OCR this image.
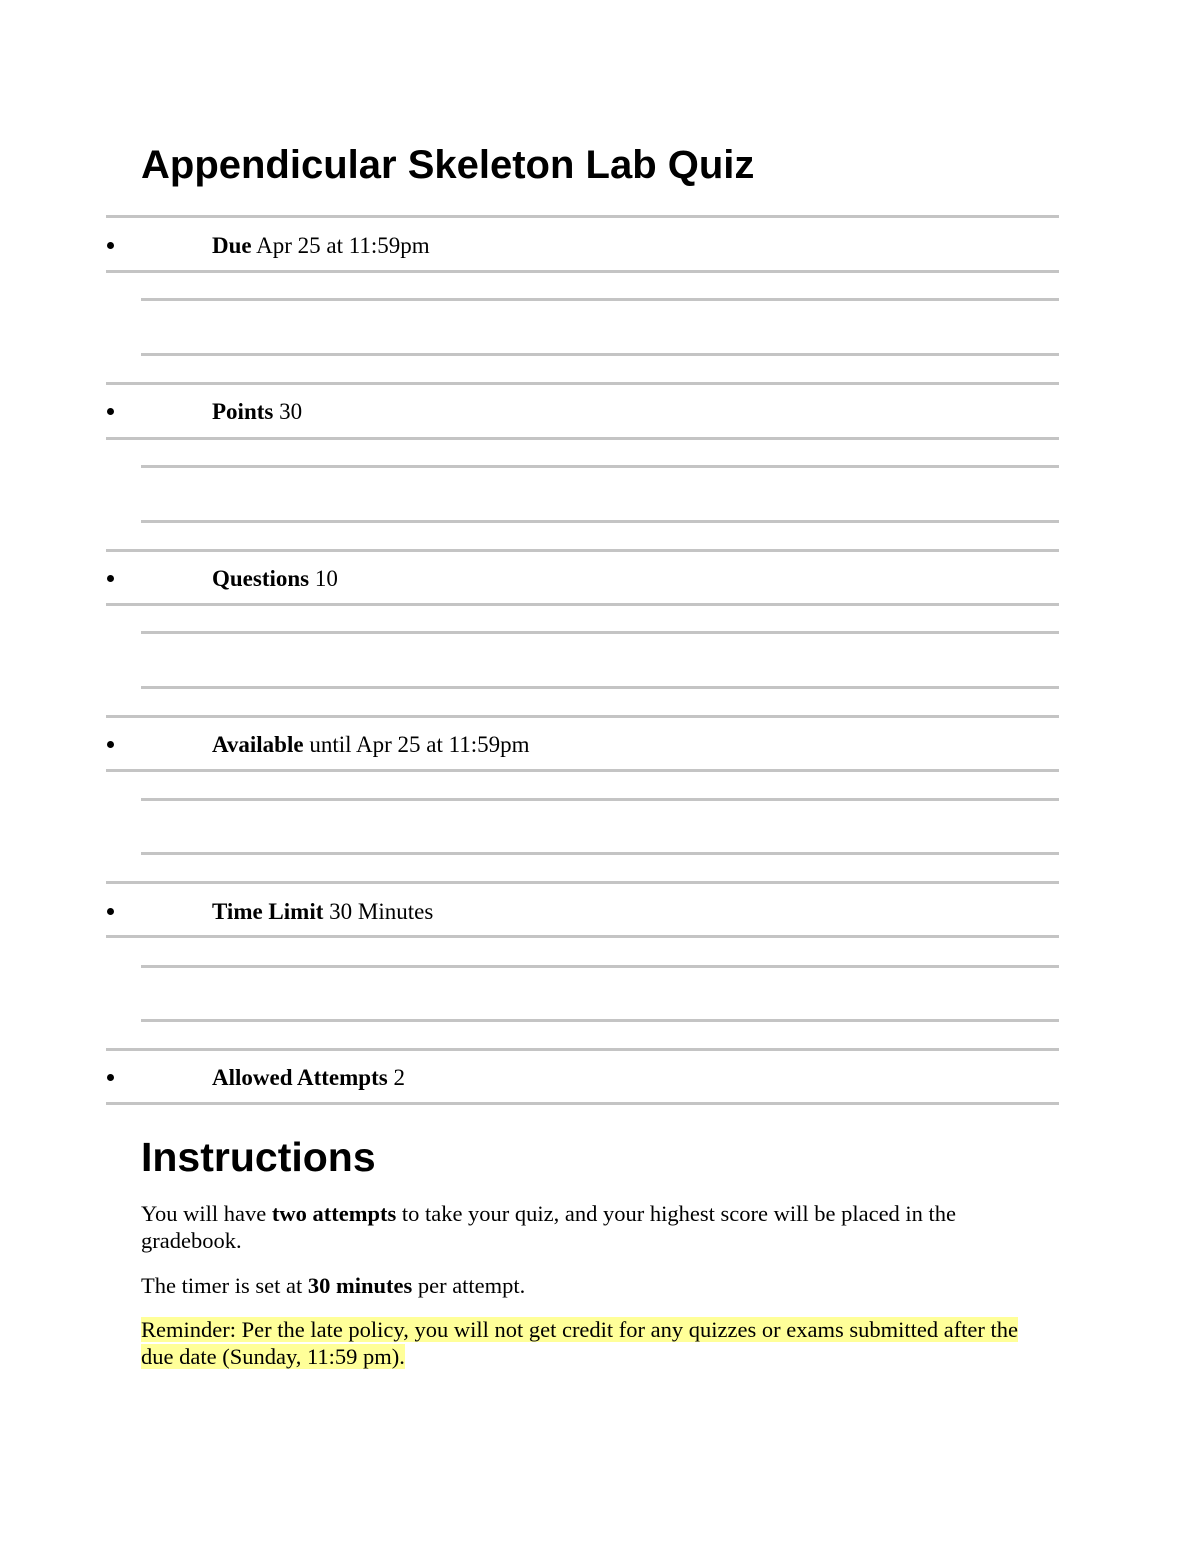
Appendicular Skeleton Lab Quiz
Due Apr 25 at 11:59pm
Points 30
Questions 10
Available until Apr 25 at 11:59pm
Time Limit 30 Minutes
Allowed Attempts 2
Instructions

You will have two attempts to take your quiz, and your highest score will be placed in the gradebook.

The timer is set at 30 minutes per attempt.

Reminder: Per the late policy, you will not get credit for any quizzes or exams submitted after the due date (Sunday, 11:59 pm).
